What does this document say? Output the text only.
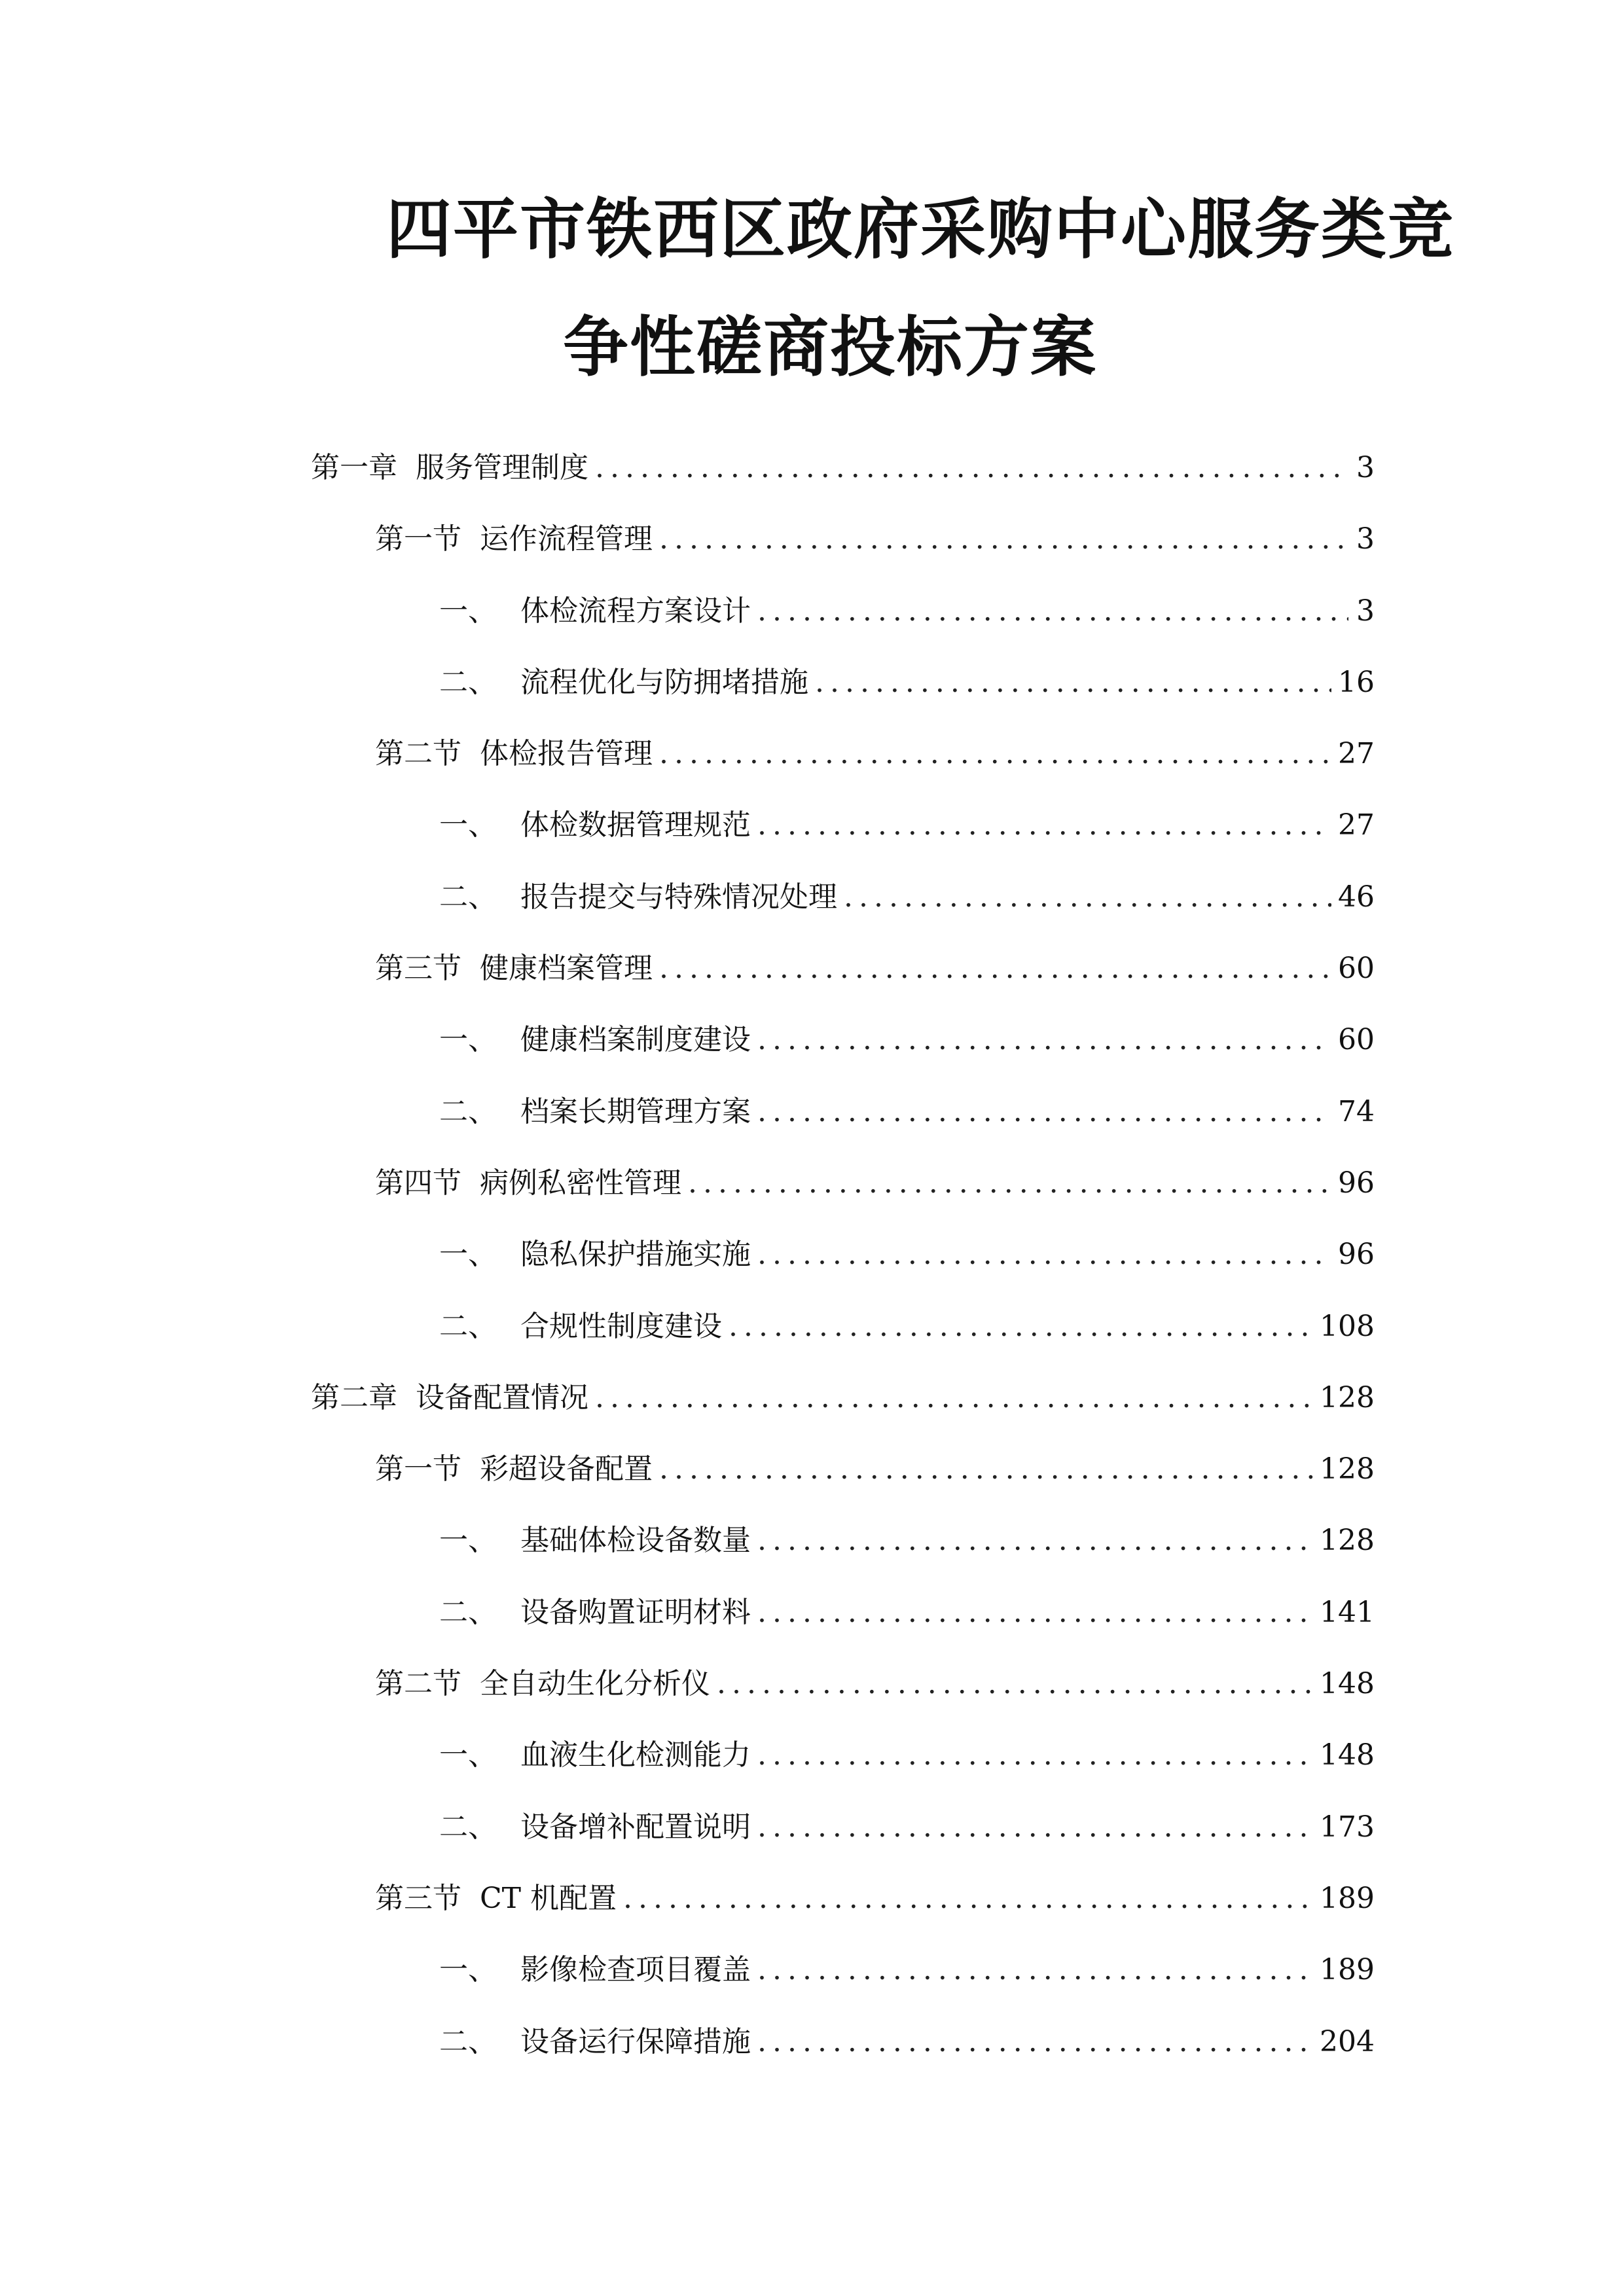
四平市铁西区政府采购中心服务类竞
争性磋商投标方案
第一章 服务管理制度 .....	3
第一节 运作流程管理 .....	3
一、 体检流程方案设计 .....	3
二、 流程优化与防拥堵措施 .....	16
第二节 体检报告管理 .....	27
一、 体检数据管理规范 .....	27
二、 报告提交与特殊情况处理 .....	46
第三节 健康档案管理 .....	60
一、 健康档案制度建设 .....	60
二、 档案长期管理方案 .....	74
第四节 病例私密性管理 .....	96
一、 隐私保护措施实施 .....	96
二、 合规性制度建设 .....	108
第二章 设备配置情况 .....	128
第一节 彩超设备配置 .....	128
一、 基础体检设备数量 .....	128
二、 设备购置证明材料 .....	141
第二节 全自动生化分析仪 .....	148
一、 血液生化检测能力 .....	148
二、 设备增补配置说明 .....	173
第三节 CT 机配置 .....	189
一、 影像检查项目覆盖 .....	189
二、 设备运行保障措施 .....	204
